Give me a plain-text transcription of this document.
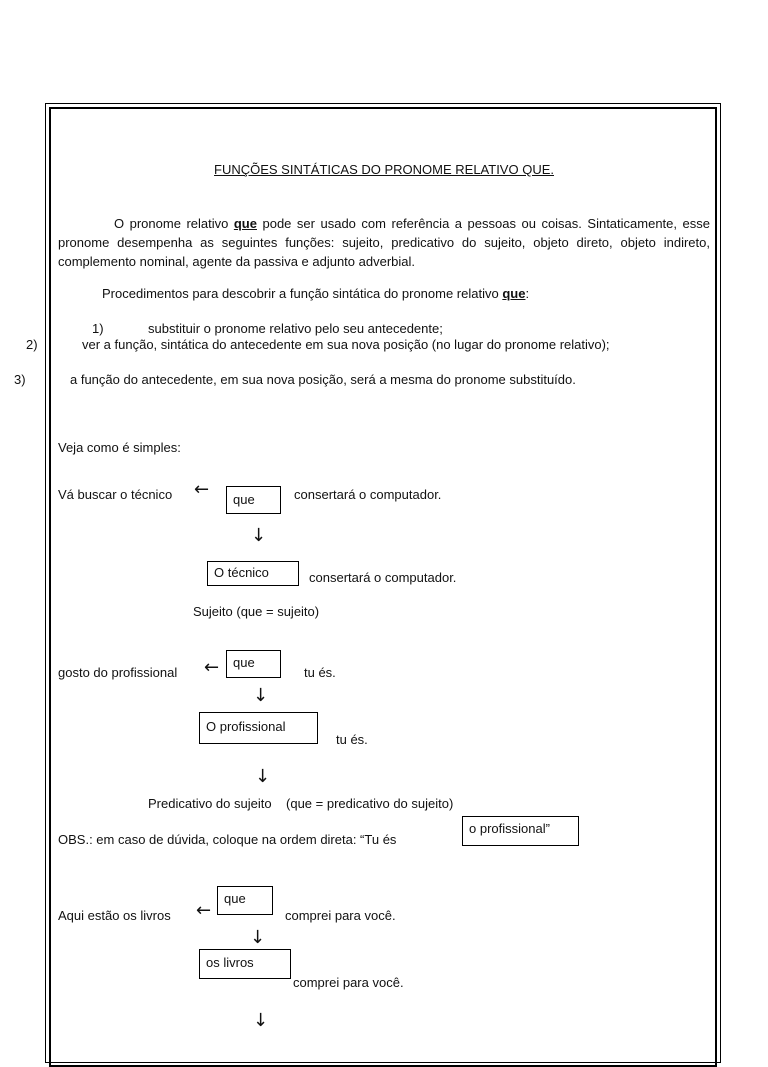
FUNÇÕES SINTÁTICAS DO PRONOME RELATIVO QUE.
O pronome relativo que pode ser usado com referência a pessoas ou coisas. Sintaticamente, esse pronome desempenha as seguintes funções: sujeito, predicativo do sujeito, objeto direto, objeto indireto, complemento nominal, agente da passiva e adjunto adverbial.
Procedimentos para descobrir a função sintática do pronome relativo que:
1)	substituir o pronome relativo pelo seu antecedente;
2)	ver a função, sintática do antecedente em sua nova posição (no lugar do pronome relativo);
3)	a função do antecedente, em sua nova posição, será a mesma do pronome substituído.
Veja como é simples:
Vá buscar o técnico ←	que	consertará o computador.
↓
O técnico	consertará o computador.
Sujeito (que = sujeito)
gosto do profissional ←	que
tu és.
↓
O profissional
tu és.
↓
Predicativo do sujeito    (que = predicativo do sujeito)
OBS.: em caso de dúvida, coloque na ordem direta: “Tu és
o profissional”
Aqui estão os livros ←
que
comprei para você.
↓
os livros
comprei para você.
↓
